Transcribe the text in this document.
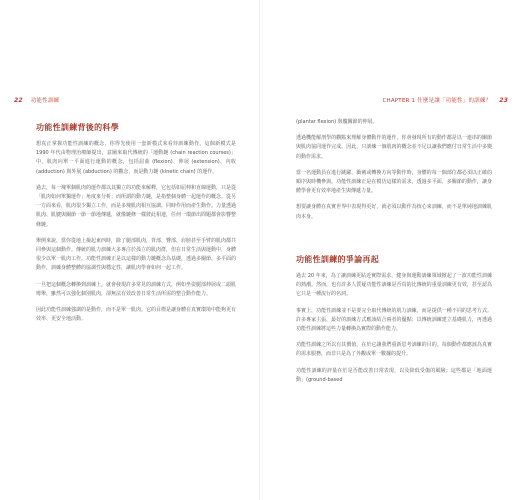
22 功能性訓練
功能性訓練背後的科學

想真正掌握功能性訓練的概念，你得先使用一套新模式來看待訓練動作。這個新模式是 1990 年代由物理治療師提出，意圖來取代傳統的「運動鏈 (chain reaction courses)」中，肌肉向單一平面進行運動的概念，包括屈曲 (flexion)、伸展 (extension)、內收 (adduction) 與外展 (abduction) 的觀念，而是動力鏈 (kinetic chain) 的運作。

過去，每一塊單個肌肉的運作都以其獨立的功能來解釋，它包括如屈伸和直線運動，只是從「肌肉如何單獨運作」角度來分析；而所謂的動力鏈，是指整個身體一起運作的概念。從另一方面來看，肌肉很少獨立工作，而是多塊肌肉相互協調、同時作用而產生動作。力量透過肌肉、肌腱與關節一節一節地傳遞，就像鏈條一樣彼此相連，任何一環節出問題都會影響整條鏈。

舉例來說，當你從地上撿起東西時，除了腿部肌肉，背部、臀部、肩膀甚至手臂的肌肉都共同參與這個動作。傳統的肌力訓練大多專注於孤立的肌肉群，但在日常生活與運動中，身體很少以單一肌肉工作。功能性訓練正是以這樣的動力鏈概念為基礎，透過多關節、多平面的動作，訓練身體整體的協調性與穩定性，讓肌肉學會如何一起工作。

一旦把這個概念轉換到訓練上，就會發現許多常見的訓練方式，例如坐姿腿部伸展或二頭肌彎舉，雖然可以強化個別肌肉，卻無法有效改善日常生活所需的整合動作能力。

因此功能性訓練強調的是動作，而不是單一肌肉。它的目標是讓身體在真實環境中能夠更有效率、更安全地活動。

CHAPTER 1 什麼是讓「功能性」的訓練？ 23

(plantar flexion) 與髖關節的伸展。

透過機能解剖學的觀點來理解身體動作的運作，你會發現所有的動作都是以一連串的關節與肌肉協同運作完成。因此，只訓練一個肌肉的概念並不足以讓我們應付日常生活中多變的動作需求。

當一名運動員在進行跳躍、衝刺或轉換方向等動作時，身體的每一個部位都必須以正確的順序與時機參與。功能性訓練正是在模仿這樣的需求，透過多平面、多關節的動作，讓身體學會更有效率地產生與傳遞力量。

想要讓身體在真實世界中表現得更好，就必須以動作為核心來訓練，而不是單純地訓練肌肉本身。

功能性訓練的爭論再起

過去 20 年來，為了讓訓練更貼近實際需求，健身與運動訓練領域掀起了一波功能性訓練的熱潮。然而，也有許多人質疑功能性訓練是否真的比傳統的重量訓練更有效，甚至認為它只是一種流行的名詞。

事實上，功能性訓練並不是要完全取代傳統的肌力訓練，而是提供一種不同的思考方式。許多專家主張，最好的訓練方式應該結合兩者的優點：以傳統訓練建立基礎肌力，再透過功能性訓練將這些力量轉換為實際的動作能力。

功能性訓練之所以有其價值，在於它讓我們重新思考訓練的目的。每個動作都應該為真實的需求服務，而非只是為了外觀或單一數據的提升。

功能性訓練的評量在於是否能改善日常表現，以及降低受傷的風險；這些都是「地面運動」(ground-based
